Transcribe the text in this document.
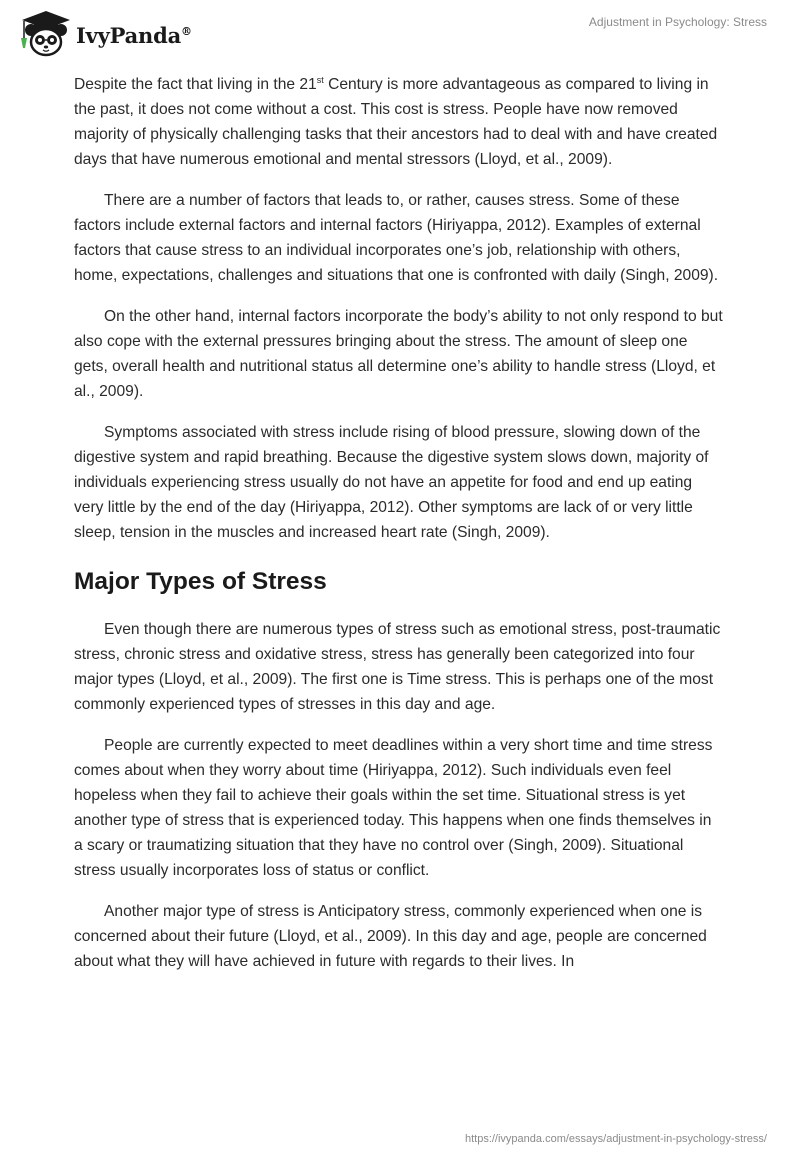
IvyPanda®
Adjustment in Psychology: Stress

Despite the fact that living in the 21st Century is more advantageous as compared to living in the past, it does not come without a cost. This cost is stress. People have now removed majority of physically challenging tasks that their ancestors had to deal with and have created days that have numerous emotional and mental stressors (Lloyd, et al., 2009).

There are a number of factors that leads to, or rather, causes stress. Some of these factors include external factors and internal factors (Hiriyappa, 2012). Examples of external factors that cause stress to an individual incorporates one’s job, relationship with others, home, expectations, challenges and situations that one is confronted with daily (Singh, 2009).

On the other hand, internal factors incorporate the body’s ability to not only respond to but also cope with the external pressures bringing about the stress. The amount of sleep one gets, overall health and nutritional status all determine one’s ability to handle stress (Lloyd, et al., 2009).

Symptoms associated with stress include rising of blood pressure, slowing down of the digestive system and rapid breathing. Because the digestive system slows down, majority of individuals experiencing stress usually do not have an appetite for food and end up eating very little by the end of the day (Hiriyappa, 2012). Other symptoms are lack of or very little sleep, tension in the muscles and increased heart rate (Singh, 2009).

Major Types of Stress

Even though there are numerous types of stress such as emotional stress, post-traumatic stress, chronic stress and oxidative stress, stress has generally been categorized into four major types (Lloyd, et al., 2009). The first one is Time stress. This is perhaps one of the most commonly experienced types of stresses in this day and age.

People are currently expected to meet deadlines within a very short time and time stress comes about when they worry about time (Hiriyappa, 2012). Such individuals even feel hopeless when they fail to achieve their goals within the set time. Situational stress is yet another type of stress that is experienced today. This happens when one finds themselves in a scary or traumatizing situation that they have no control over (Singh, 2009). Situational stress usually incorporates loss of status or conflict.

Another major type of stress is Anticipatory stress, commonly experienced when one is concerned about their future (Lloyd, et al., 2009). In this day and age, people are concerned about what they will have achieved in future with regards to their lives. In

https://ivypanda.com/essays/adjustment-in-psychology-stress/
